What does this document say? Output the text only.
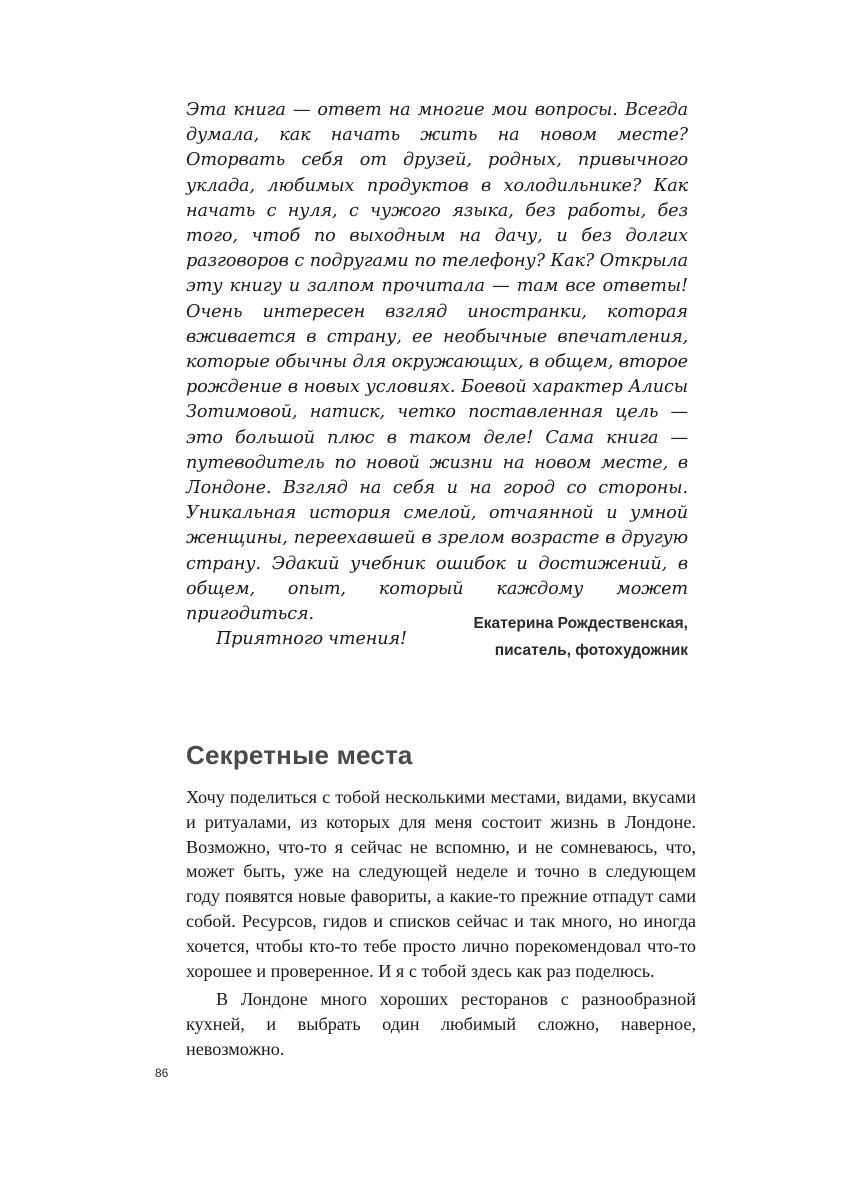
Эта книга — ответ на многие мои вопросы. Всегда думала, как начать жить на новом месте? Оторвать себя от друзей, родных, привычного уклада, любимых продуктов в холодильнике? Как начать с нуля, с чужого языка, без работы, без того, чтоб по выходным на дачу, и без долгих разговоров с подругами по телефону? Как? Открыла эту книгу и залпом прочитала — там все ответы! Очень интересен взгляд иностранки, которая вживается в страну, ее необычные впечатления, которые обычны для окружающих, в общем, второе рождение в новых условиях. Боевой характер Алисы Зотимовой, натиск, четко поставленная цель — это большой плюс в таком деле! Сама книга — путеводитель по новой жизни на новом месте, в Лондоне. Взгляд на себя и на город со стороны. Уникальная история смелой, отчаянной и умной женщины, переехавшей в зрелом возрасте в другую страну. Эдакий учебник ошибок и достижений, в общем, опыт, который каждому может пригодиться.

Приятного чтения!

Екатерина Рождественская,
писатель, фотохудожник
Секретные места

Хочу поделиться с тобой несколькими местами, видами, вкусами и ритуалами, из которых для меня состоит жизнь в Лондоне. Возможно, что-то я сейчас не вспомню, и не сомневаюсь, что, может быть, уже на следующей неделе и точно в следующем году появятся новые фавориты, а какие-то прежние отпадут сами собой. Ресурсов, гидов и списков сейчас и так много, но иногда хочется, чтобы кто-то тебе просто лично порекомендовал что-то хорошее и проверенное. И я с тобой здесь как раз поделюсь.

В Лондоне много хороших ресторанов с разнообразной кухней, и выбрать один любимый сложно, наверное, невозможно.

86
